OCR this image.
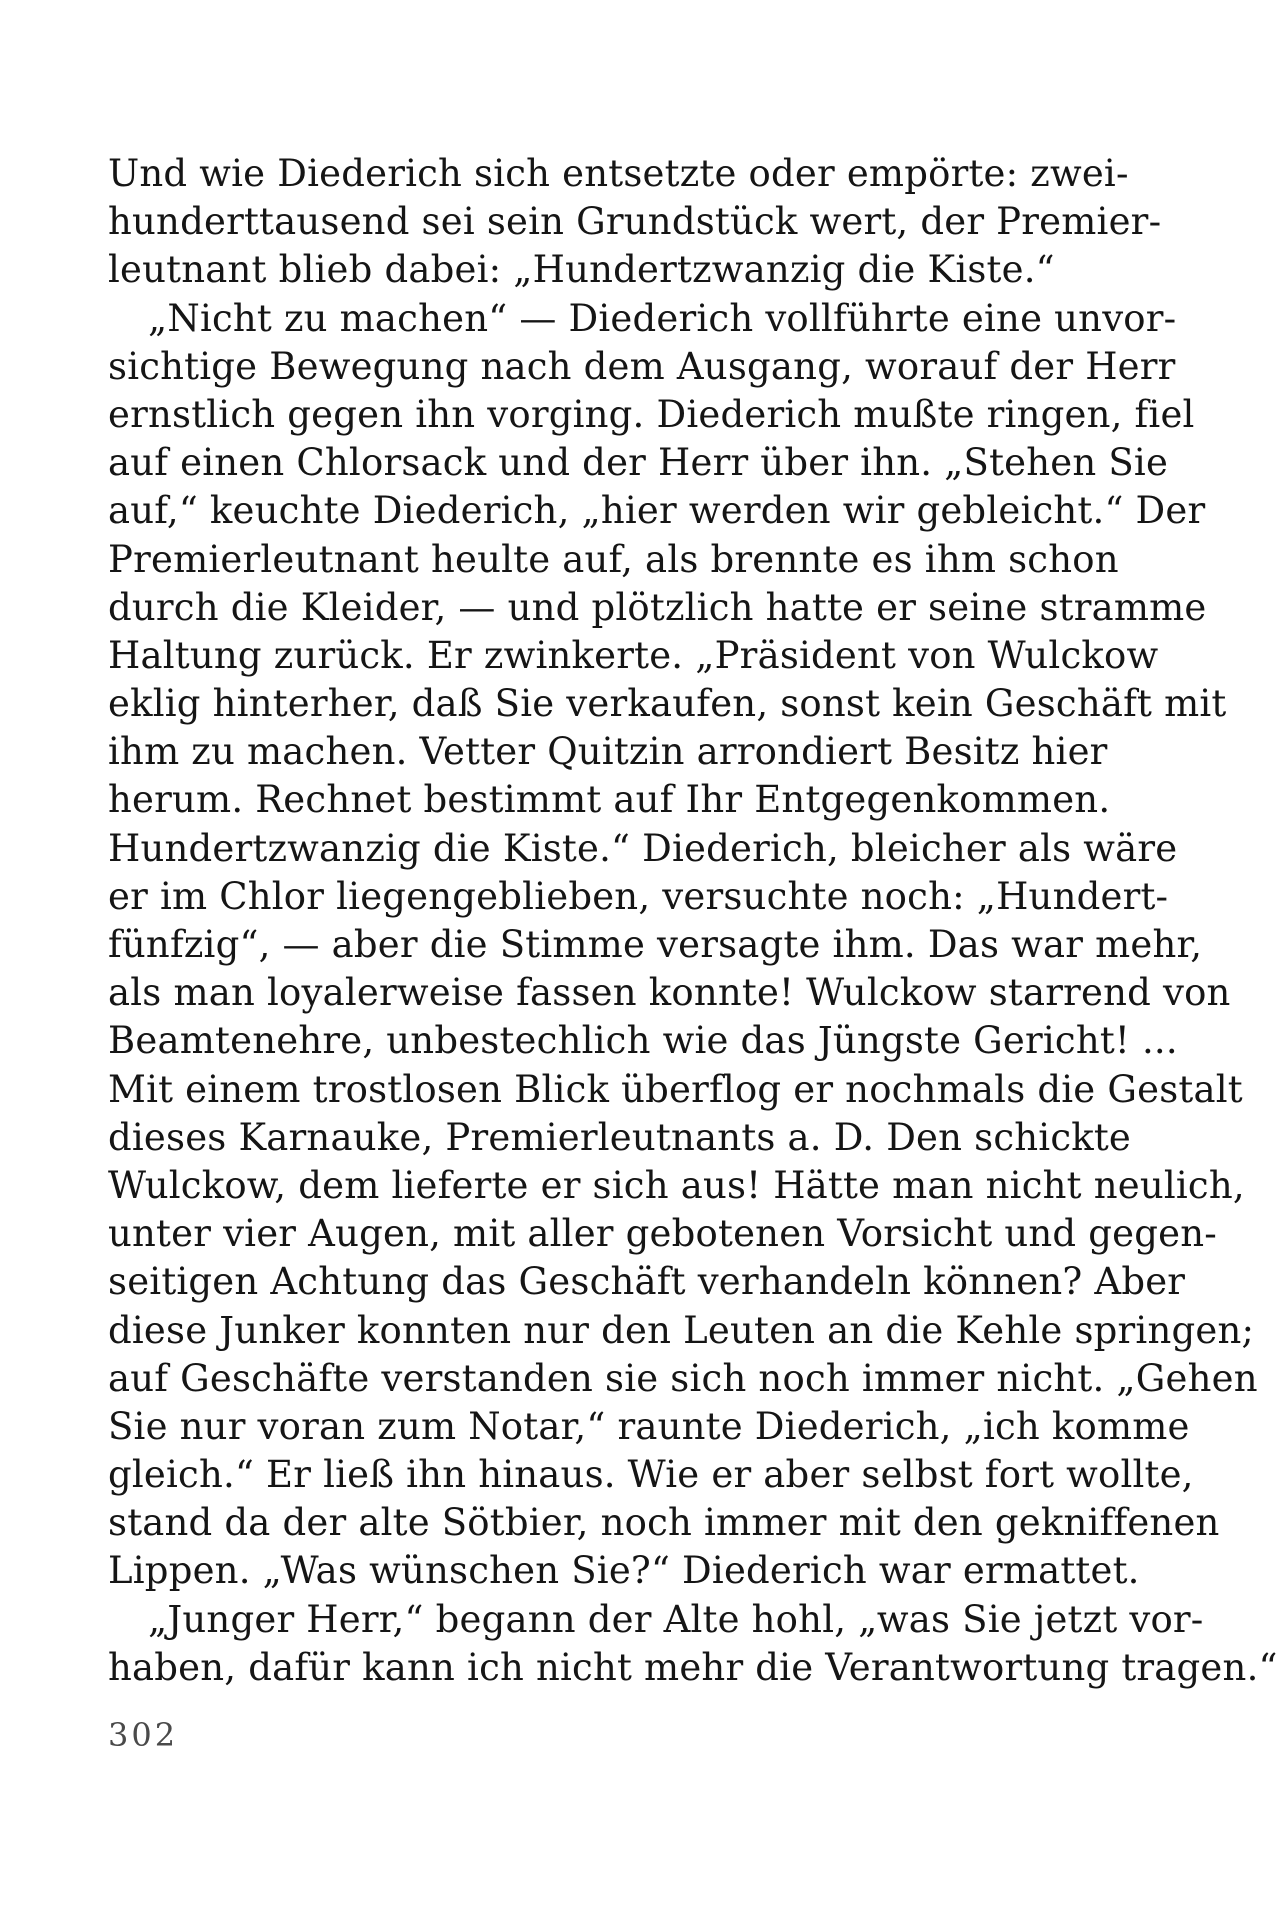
Und wie Diederich sich entsetzte oder empörte: zwei-
hunderttausend sei sein Grundstück wert, der Premier-
leutnant blieb dabei: „Hundertzwanzig die Kiste.“
„Nicht zu machen“ — Diederich vollführte eine unvor-
sichtige Bewegung nach dem Ausgang, worauf der Herr
ernstlich gegen ihn vorging. Diederich mußte ringen, fiel
auf einen Chlorsack und der Herr über ihn. „Stehen Sie
auf,“ keuchte Diederich, „hier werden wir gebleicht.“ Der
Premierleutnant heulte auf, als brennte es ihm schon
durch die Kleider, — und plötzlich hatte er seine stramme
Haltung zurück. Er zwinkerte. „Präsident von Wulckow
eklig hinterher, daß Sie verkaufen, sonst kein Geschäft mit
ihm zu machen. Vetter Quitzin arrondiert Besitz hier
herum. Rechnet bestimmt auf Ihr Entgegenkommen.
Hundertzwanzig die Kiste.“ Diederich, bleicher als wäre
er im Chlor liegengeblieben, versuchte noch: „Hundert-
fünfzig“, — aber die Stimme versagte ihm. Das war mehr,
als man loyalerweise fassen konnte! Wulckow starrend von
Beamtenehre, unbestechlich wie das Jüngste Gericht! ...
Mit einem trostlosen Blick überflog er nochmals die Gestalt
dieses Karnauke, Premierleutnants a. D. Den schickte
Wulckow, dem lieferte er sich aus! Hätte man nicht neulich,
unter vier Augen, mit aller gebotenen Vorsicht und gegen-
seitigen Achtung das Geschäft verhandeln können? Aber
diese Junker konnten nur den Leuten an die Kehle springen;
auf Geschäfte verstanden sie sich noch immer nicht. „Gehen
Sie nur voran zum Notar,“ raunte Diederich, „ich komme
gleich.“ Er ließ ihn hinaus. Wie er aber selbst fort wollte,
stand da der alte Sötbier, noch immer mit den gekniffenen
Lippen. „Was wünschen Sie?“ Diederich war ermattet.
„Junger Herr,“ begann der Alte hohl, „was Sie jetzt vor-
haben, dafür kann ich nicht mehr die Verantwortung tragen.“
302
